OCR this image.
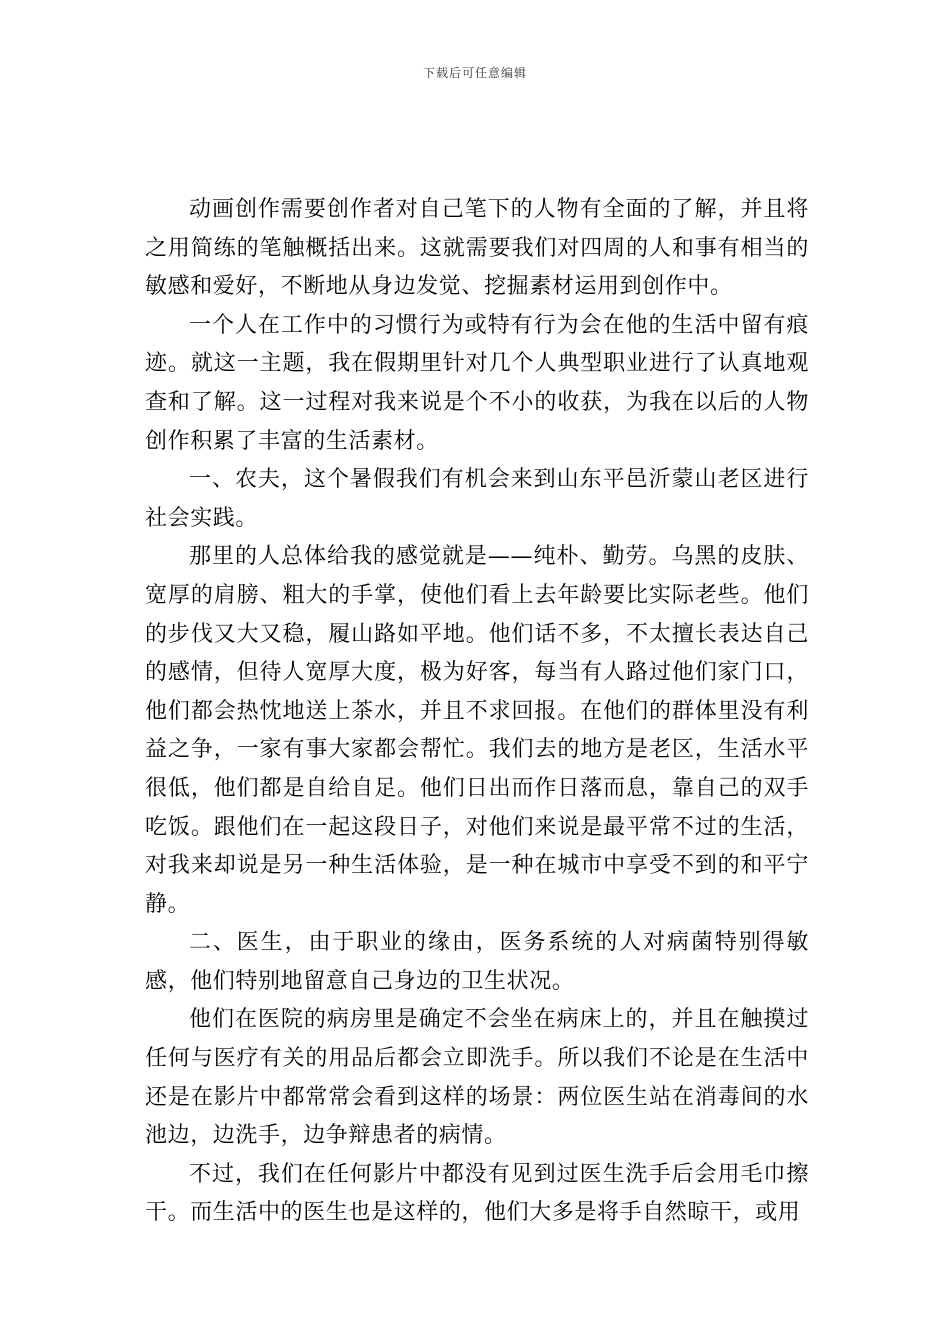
下载后可任意编辑

动画创作需要创作者对自己笔下的人物有全面的了解，并且将之用简练的笔触概括出来。这就需要我们对四周的人和事有相当的敏感和爱好，不断地从身边发觉、挖掘素材运用到创作中。

一个人在工作中的习惯行为或特有行为会在他的生活中留有痕迹。就这一主题，我在假期里针对几个人典型职业进行了认真地观查和了解。这一过程对我来说是个不小的收获，为我在以后的人物创作积累了丰富的生活素材。

一、农夫，这个暑假我们有机会来到山东平邑沂蒙山老区进行社会实践。

那里的人总体给我的感觉就是——纯朴、勤劳。乌黑的皮肤、宽厚的肩膀、粗大的手掌，使他们看上去年龄要比实际老些。他们的步伐又大又稳，履山路如平地。他们话不多，不太擅长表达自己的感情，但待人宽厚大度，极为好客，每当有人路过他们家门口，他们都会热忱地送上茶水，并且不求回报。在他们的群体里没有利益之争，一家有事大家都会帮忙。我们去的地方是老区，生活水平很低，他们都是自给自足。他们日出而作日落而息，靠自己的双手吃饭。跟他们在一起这段日子，对他们来说是最平常不过的生活，对我来却说是另一种生活体验，是一种在城市中享受不到的和平宁静。

二、医生，由于职业的缘由，医务系统的人对病菌特别得敏感，他们特别地留意自己身边的卫生状况。

他们在医院的病房里是确定不会坐在病床上的，并且在触摸过任何与医疗有关的用品后都会立即洗手。所以我们不论是在生活中还是在影片中都常常会看到这样的场景：两位医生站在消毒间的水池边，边洗手，边争辩患者的病情。

不过，我们在任何影片中都没有见到过医生洗手后会用毛巾擦干。而生活中的医生也是这样的，他们大多是将手自然晾干，或用
